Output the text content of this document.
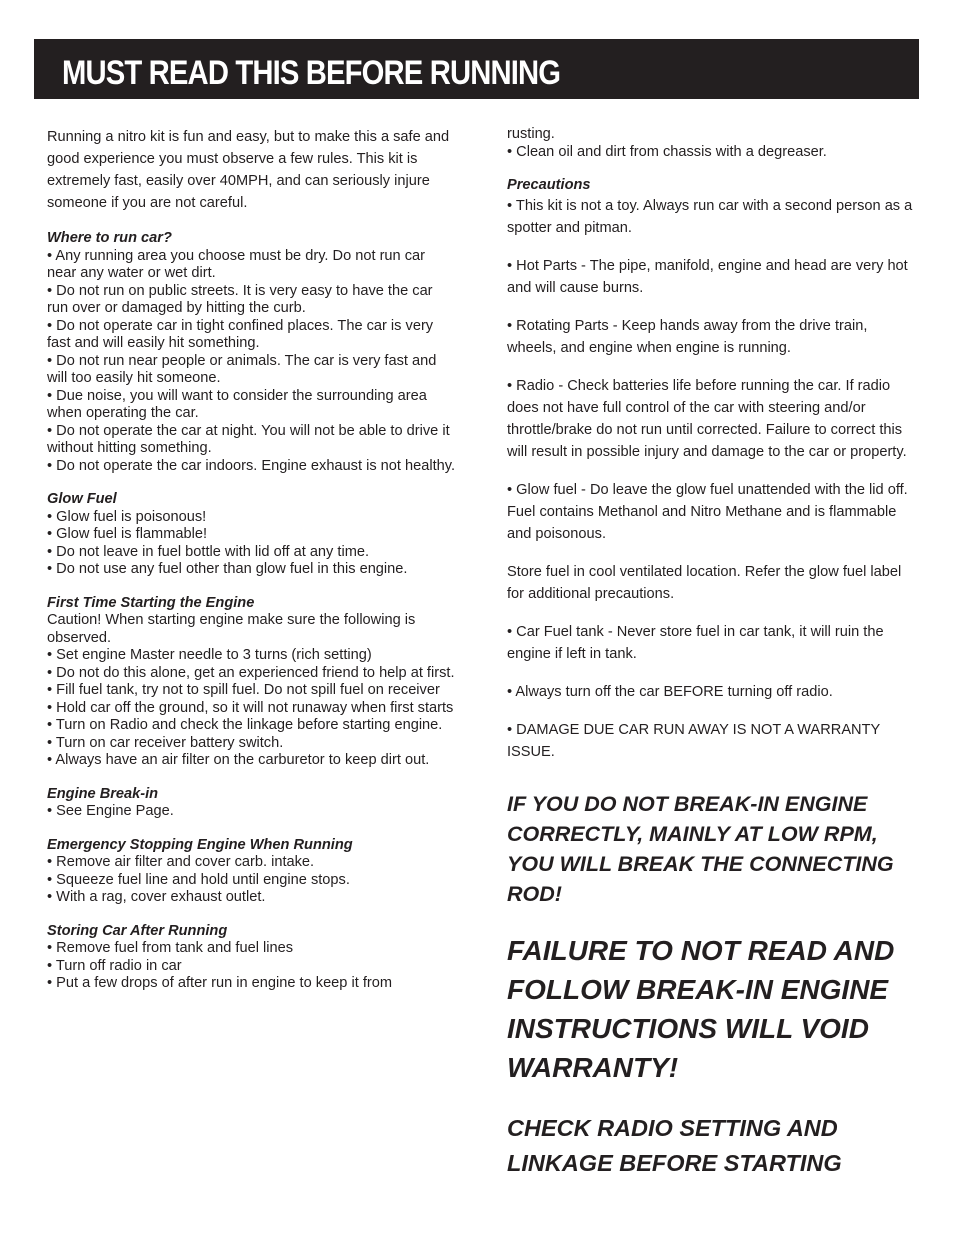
MUST READ THIS BEFORE RUNNING

Running a nitro kit is fun and easy, but to make this a safe and good experience you must observe a few rules. This kit is extremely fast, easily over 40MPH, and can seriously injure someone if you are not careful.

Where to run car?

• Any running area you choose must be dry. Do not run car near any water or wet dirt.

• Do not run on public streets. It is very easy to have the car run over or damaged by hitting the curb.

• Do not operate car in tight confined places. The car is very fast and will easily hit something.

• Do not run near people or animals. The car is very fast and will too easily hit someone.

• Due noise, you will want to consider the surrounding area when operating the car.

• Do not operate the car at night. You will not be able to drive it without hitting something.

• Do not operate the car indoors. Engine exhaust is not healthy.

Glow Fuel

• Glow fuel is poisonous!

• Glow fuel is flammable!

• Do not leave in fuel bottle with lid off at any time.

• Do not use any fuel other than glow fuel in this engine.

First Time Starting the Engine

Caution! When starting engine make sure the following is observed.

• Set engine Master needle to 3 turns (rich setting)

• Do not do this alone, get an experienced friend to help at first.

• Fill fuel tank, try not to spill fuel. Do not spill fuel on receiver

• Hold car off the ground, so it will not runaway when first starts

• Turn on Radio and check the linkage before starting engine.

• Turn on car receiver battery switch.

• Always have an air filter on the carburetor to keep dirt out.

Engine Break-in

• See Engine Page.

Emergency Stopping Engine When Running

• Remove air filter and cover carb. intake.

• Squeeze fuel line and hold until engine stops.

• With a rag, cover exhaust outlet.

Storing Car After Running

• Remove fuel from tank and fuel lines

• Turn off radio in car

• Put a few drops of after run in engine to keep it from

rusting.

• Clean oil and dirt from chassis with a degreaser.

Precautions

• This kit is not a toy. Always run car with a second person as a spotter and pitman.

• Hot Parts - The pipe, manifold, engine and head are very hot and will cause burns.

• Rotating Parts - Keep hands away from the drive train, wheels, and engine when engine is running.

• Radio - Check batteries life before running the car. If radio does not have full control of the car with steering and/or throttle/brake do not run until corrected. Failure to correct this will result in possible injury and damage to the car or property.

• Glow fuel - Do leave the glow fuel unattended with the lid off. Fuel contains Methanol and Nitro Methane and is flammable and poisonous.

Store fuel in cool ventilated location. Refer the glow fuel label for additional precautions.

• Car Fuel tank - Never store fuel in car tank, it will ruin the engine if left in tank.

• Always turn off the car BEFORE turning off radio.

• DAMAGE DUE CAR RUN AWAY IS NOT A WARRANTY ISSUE.

IF YOU DO NOT BREAK-IN ENGINE CORRECTLY, MAINLY AT LOW RPM, YOU WILL BREAK THE CONNECTING ROD!

FAILURE TO NOT READ AND FOLLOW BREAK-IN ENGINE INSTRUCTIONS WILL VOID WARRANTY!

CHECK RADIO SETTING AND LINKAGE BEFORE STARTING
